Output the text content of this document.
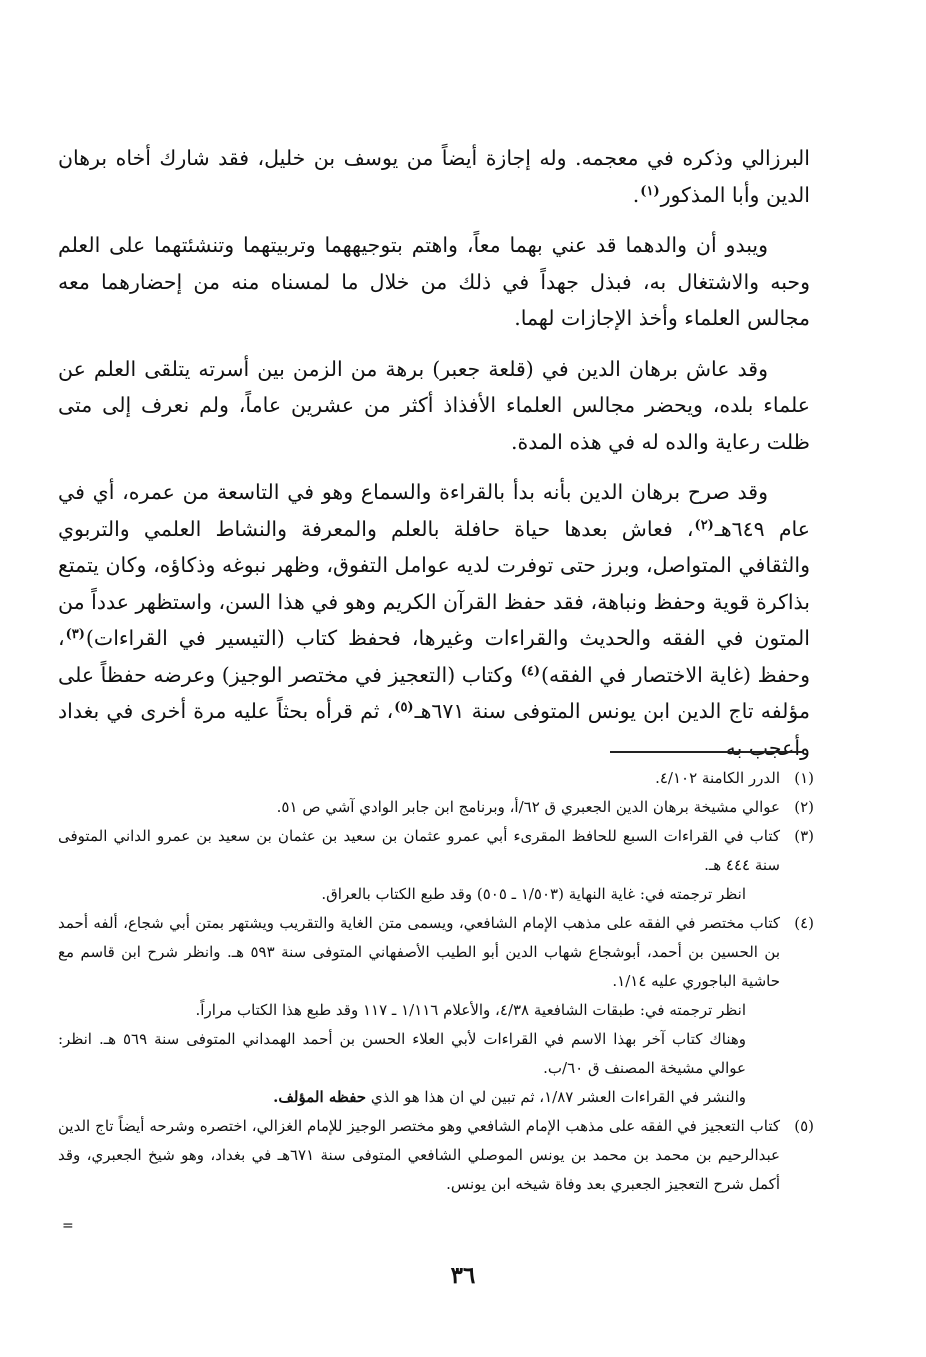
البرزالي وذكره في معجمه. وله إجازة أيضاً من يوسف بن خليل، فقد شارك أخاه برهان الدين وأبا المذكور$^{(١)}$.

ويبدو أن والدهما قد عني بهما معاً، واهتم بتوجيههما وتربيتهما وتنشئتهما على العلم وحبه والاشتغال به، فبذل جهداً في ذلك من خلال ما لمسناه منه من إحضارهما معه مجالس العلماء وأخذ الإجازات لهما.

وقد عاش برهان الدين في (قلعة جعبر) برهة من الزمن بين أسرته يتلقى العلم عن علماء بلده، ويحضر مجالس العلماء الأفذاذ أكثر من عشرين عاماً، ولم نعرف إلى متى ظلت رعاية والده له في هذه المدة.

وقد صرح برهان الدين بأنه بدأ بالقراءة والسماع وهو في التاسعة من عمره، أي في عام ٦٤٩هـ$^{(٢)}$، فعاش بعدها حياة حافلة بالعلم والمعرفة والنشاط العلمي والتربوي والثقافي المتواصل، وبرز حتى توفرت لديه عوامل التفوق، وظهر نبوغه وذكاؤه، وكان يتمتع بذاكرة قوية وحفظ ونباهة، فقد حفظ القرآن الكريم وهو في هذا السن، واستظهر عدداً من المتون في الفقه والحديث والقراءات وغيرها، فحفظ كتاب (التيسير في القراءات)$^{(٣)}$، وحفظ (غاية الاختصار في الفقه)$^{(٤)}$ وكتاب (التعجيز في مختصر الوجيز) وعرضه حفظاً على مؤلفه تاج الدين ابن يونس المتوفى سنة ٦٧١هـ$^{(٥)}$، ثم قرأه بحثاً عليه مرة أخرى في بغداد وأعجب به

(١)
الدرر الكامنة ٤/١٠٢.
(٢)
عوالي مشيخة برهان الدين الجعبري ق ٦٢/أ، وبرنامج ابن جابر الوادي آشي ص ٥١.
(٣)
كتاب في القراءات السبع للحافظ المقرىء أبي عمرو عثمان بن سعيد بن عثمان بن سعيد بن عمرو الداني المتوفى سنة ٤٤٤ هـ.
انظر ترجمته في: غاية النهاية (١/٥٠٣ ـ ٥٠٥) وقد طبع الكتاب بالعراق.
(٤)
كتاب مختصر في الفقه على مذهب الإمام الشافعي، ويسمى متن الغاية والتقريب ويشتهر بمتن أبي شجاع، ألفه أحمد بن الحسين بن أحمد، أبوشجاع شهاب الدين أبو الطيب الأصفهاني المتوفى سنة ٥٩٣ هـ. وانظر شرح ابن قاسم مع حاشية الباجوري عليه ١/١٤.
انظر ترجمته في: طبقات الشافعية ٤/٣٨، والأعلام ١/١١٦ ـ ١١٧ وقد طبع هذا الكتاب مراراً.
وهناك كتاب آخر بهذا الاسم في القراءات لأبي العلاء الحسن بن أحمد الهمداني المتوفى سنة ٥٦٩ هـ. انظر: عوالي مشيخة المصنف ق ٦٠/ب.
والنشر في القراءات العشر ١/٨٧، ثم تبين لي ان هذا هو الذي حفظه المؤلف.
(٥)
كتاب التعجيز في الفقه على مذهب الإمام الشافعي وهو مختصر الوجيز للإمام الغزالي، اختصره وشرحه أيضاً تاج الدين عبدالرحيم بن محمد بن محمد بن يونس الموصلي الشافعي المتوفى سنة ٦٧١هـ في بغداد، وهو شيخ الجعبري، وقد أكمل شرح التعجيز الجعبري بعد وفاة شيخه ابن يونس.
=
٣٦
